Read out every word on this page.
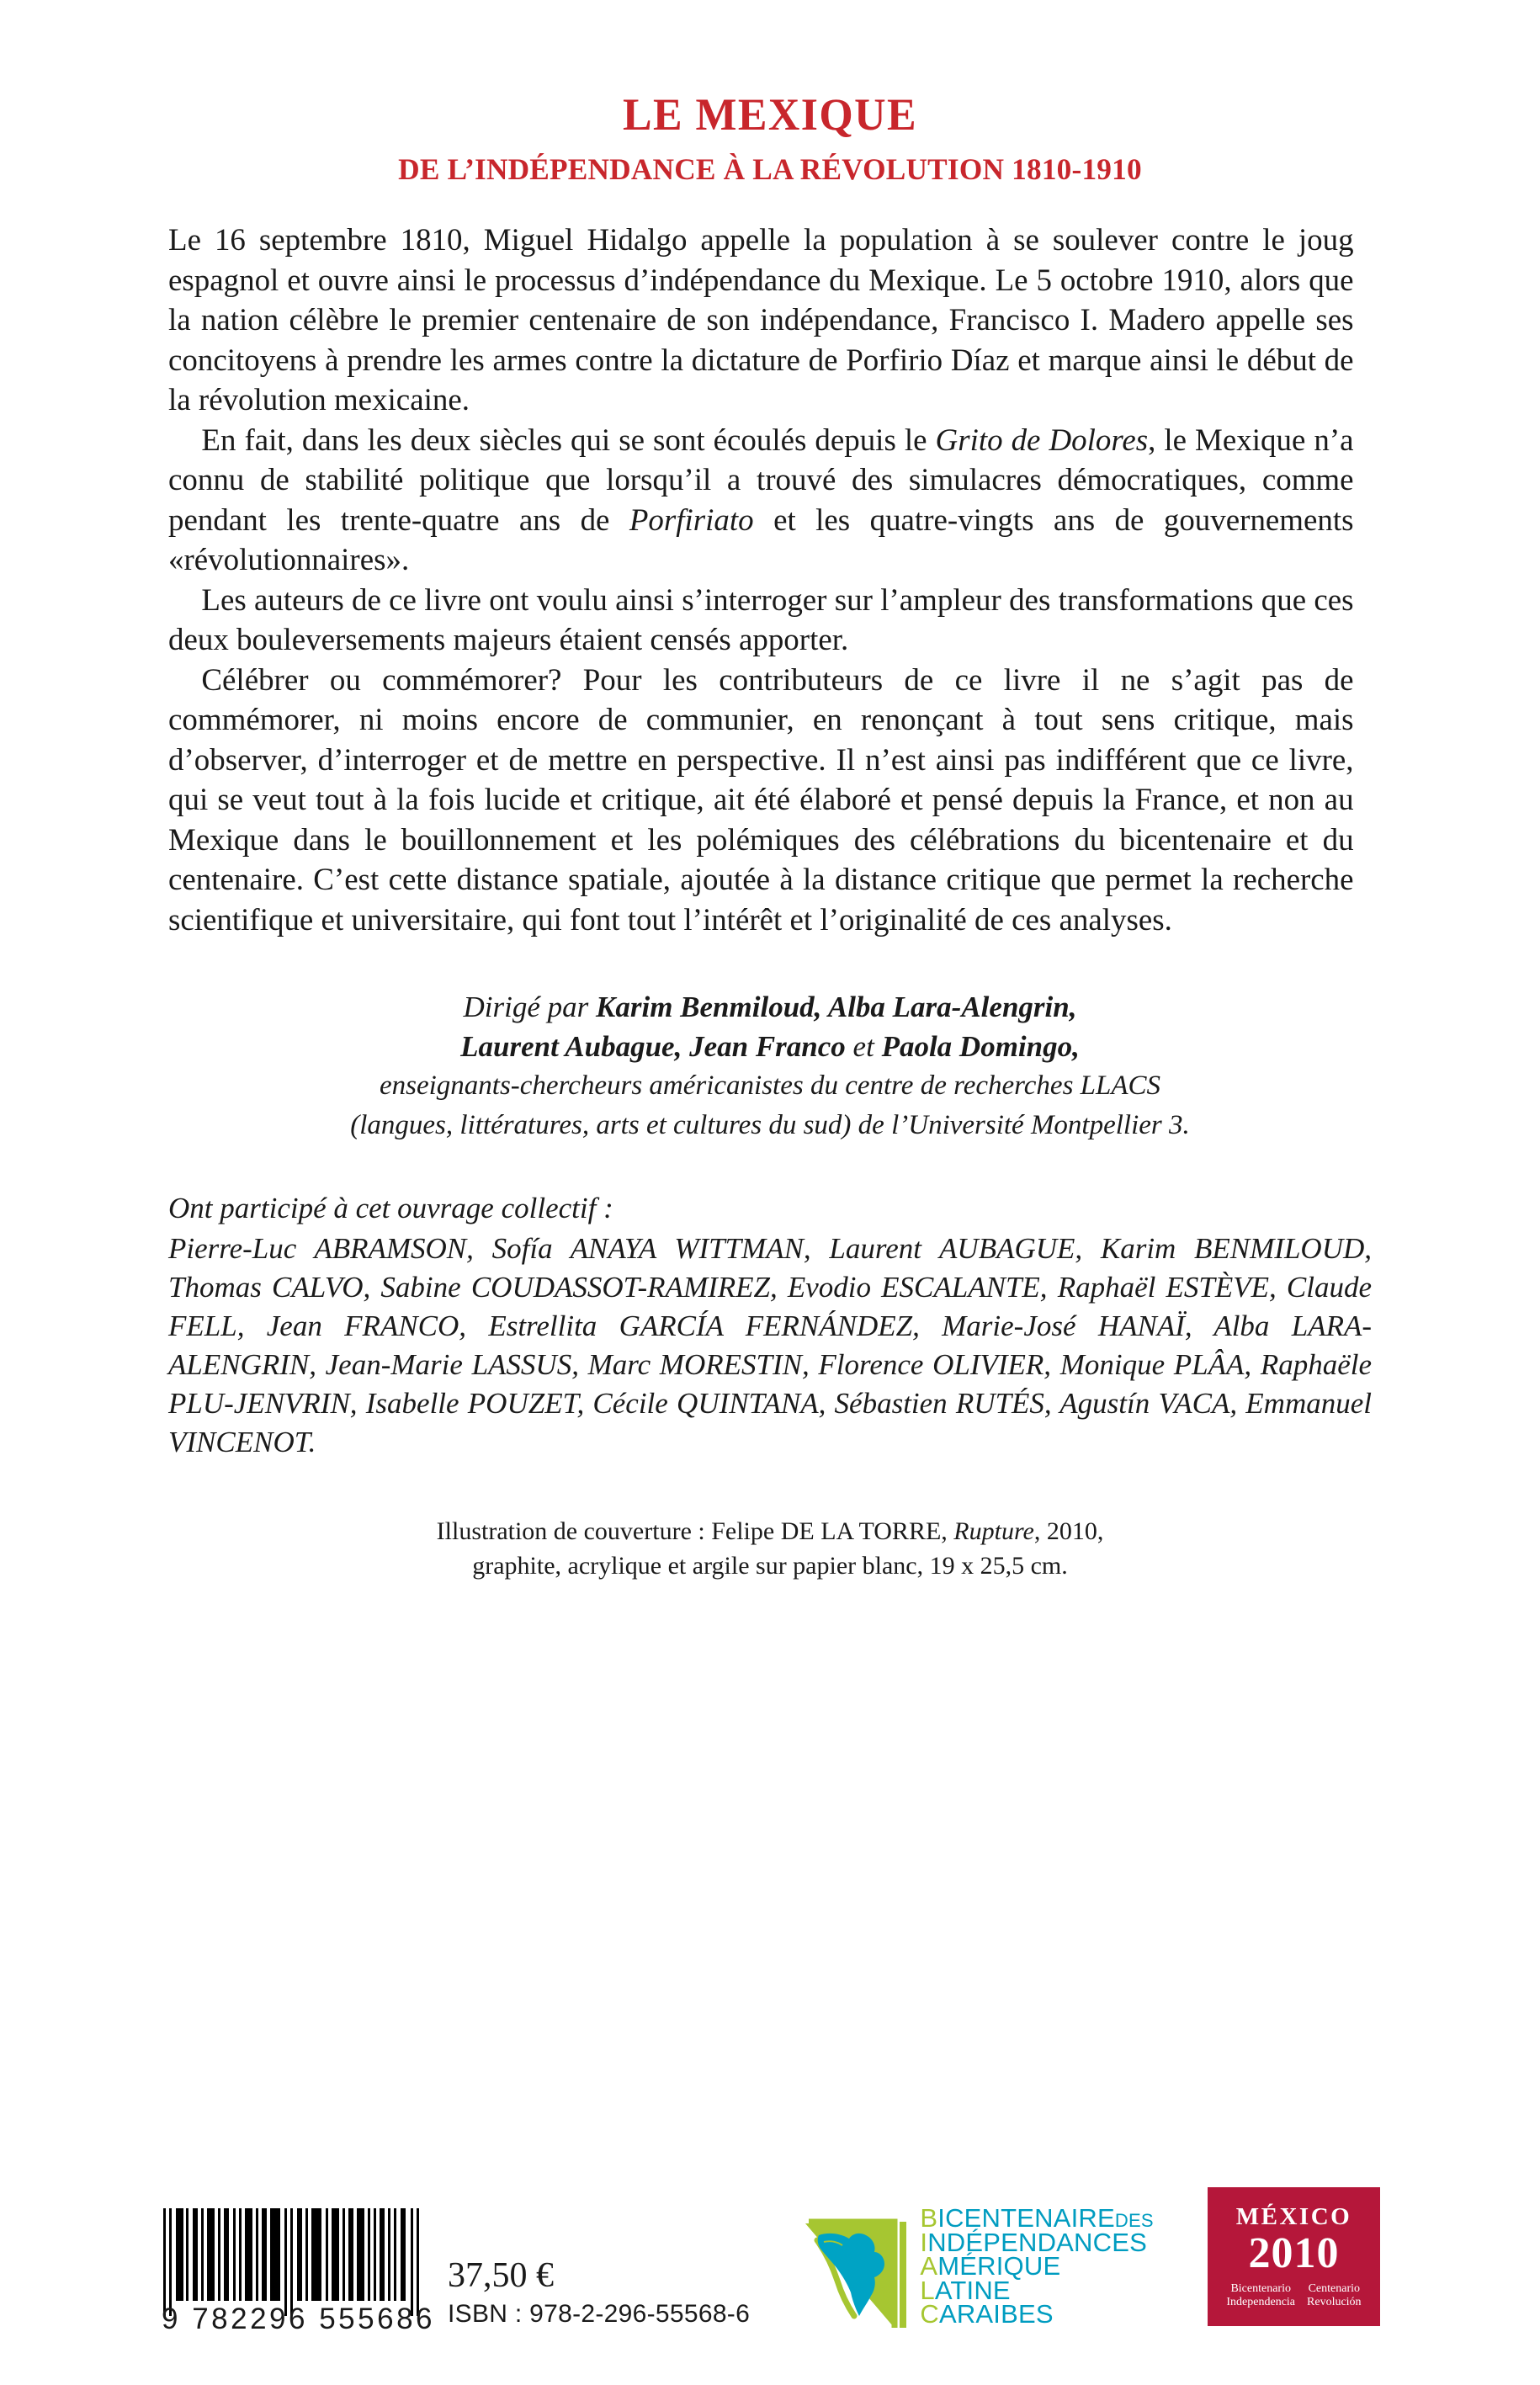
LE MEXIQUE
DE L’INDÉPENDANCE À LA RÉVOLUTION 1810-1910

Le 16 septembre 1810, Miguel Hidalgo appelle la population à se soulever contre le joug espagnol et ouvre ainsi le processus d’indépendance du Mexique. Le 5 octobre 1910, alors que la nation célèbre le premier centenaire de son indépendance, Francisco I. Madero appelle ses concitoyens à prendre les armes contre la dictature de Porfirio Díaz et marque ainsi le début de la révolution mexicaine.

En fait, dans les deux siècles qui se sont écoulés depuis le Grito de Dolores, le Mexique n’a connu de stabilité politique que lorsqu’il a trouvé des simulacres démocratiques, comme pendant les trente-quatre ans de Porfiriato et les quatre-vingts ans de gouvernements «révolutionnaires».

Les auteurs de ce livre ont voulu ainsi s’interroger sur l’ampleur des transformations que ces deux bouleversements majeurs étaient censés apporter.

Célébrer ou commémorer? Pour les contributeurs de ce livre il ne s’agit pas de commémorer, ni moins encore de communier, en renonçant à tout sens critique, mais d’observer, d’interroger et de mettre en perspective. Il n’est ainsi pas indifférent que ce livre, qui se veut tout à la fois lucide et critique, ait été élaboré et pensé depuis la France, et non au Mexique dans le bouillonnement et les polémiques des célébrations du bicentenaire et du centenaire. C’est cette distance spatiale, ajoutée à la distance critique que permet la recherche scientifique et universitaire, qui font tout l’intérêt et l’originalité de ces analyses.

Dirigé par Karim Benmiloud, Alba Lara-Alengrin,
Laurent Aubague, Jean Franco et Paola Domingo,
enseignants-chercheurs américanistes du centre de recherches LLACS
(langues, littératures, arts et cultures du sud) de l’Université Montpellier 3.

Ont participé à cet ouvrage collectif :

Pierre-Luc ABRAMSON, Sofía ANAYA WITTMAN, Laurent AUBAGUE, Karim BENMILOUD, Thomas CALVO, Sabine COUDASSOT-RAMIREZ, Evodio ESCALANTE, Raphaël ESTÈVE, Claude FELL, Jean FRANCO, Estrellita GARCÍA FERNÁNDEZ, Marie-José HANAÏ, Alba LARA-ALENGRIN, Jean-Marie LASSUS, Marc MORESTIN, Florence OLIVIER, Monique PLÂA, Raphaële PLU-JENVRIN, Isabelle POUZET, Cécile QUINTANA, Sébastien RUTÉS, Agustín VACA, Emmanuel VINCENOT.

Illustration de couverture : Felipe DE LA TORRE, Rupture, 2010,
graphite, acrylique et argile sur papier blanc, 19 x 25,5 cm.
9 782296 555686
37,50 €
ISBN : 978-2-296-55568-6
BICENTENAIREDES
INDÉPENDANCES
AMÉRIQUE
LATINE
CARAIBES
MÉXICO
2010
Bicentenario
Independencia
Centenario
Revolución
